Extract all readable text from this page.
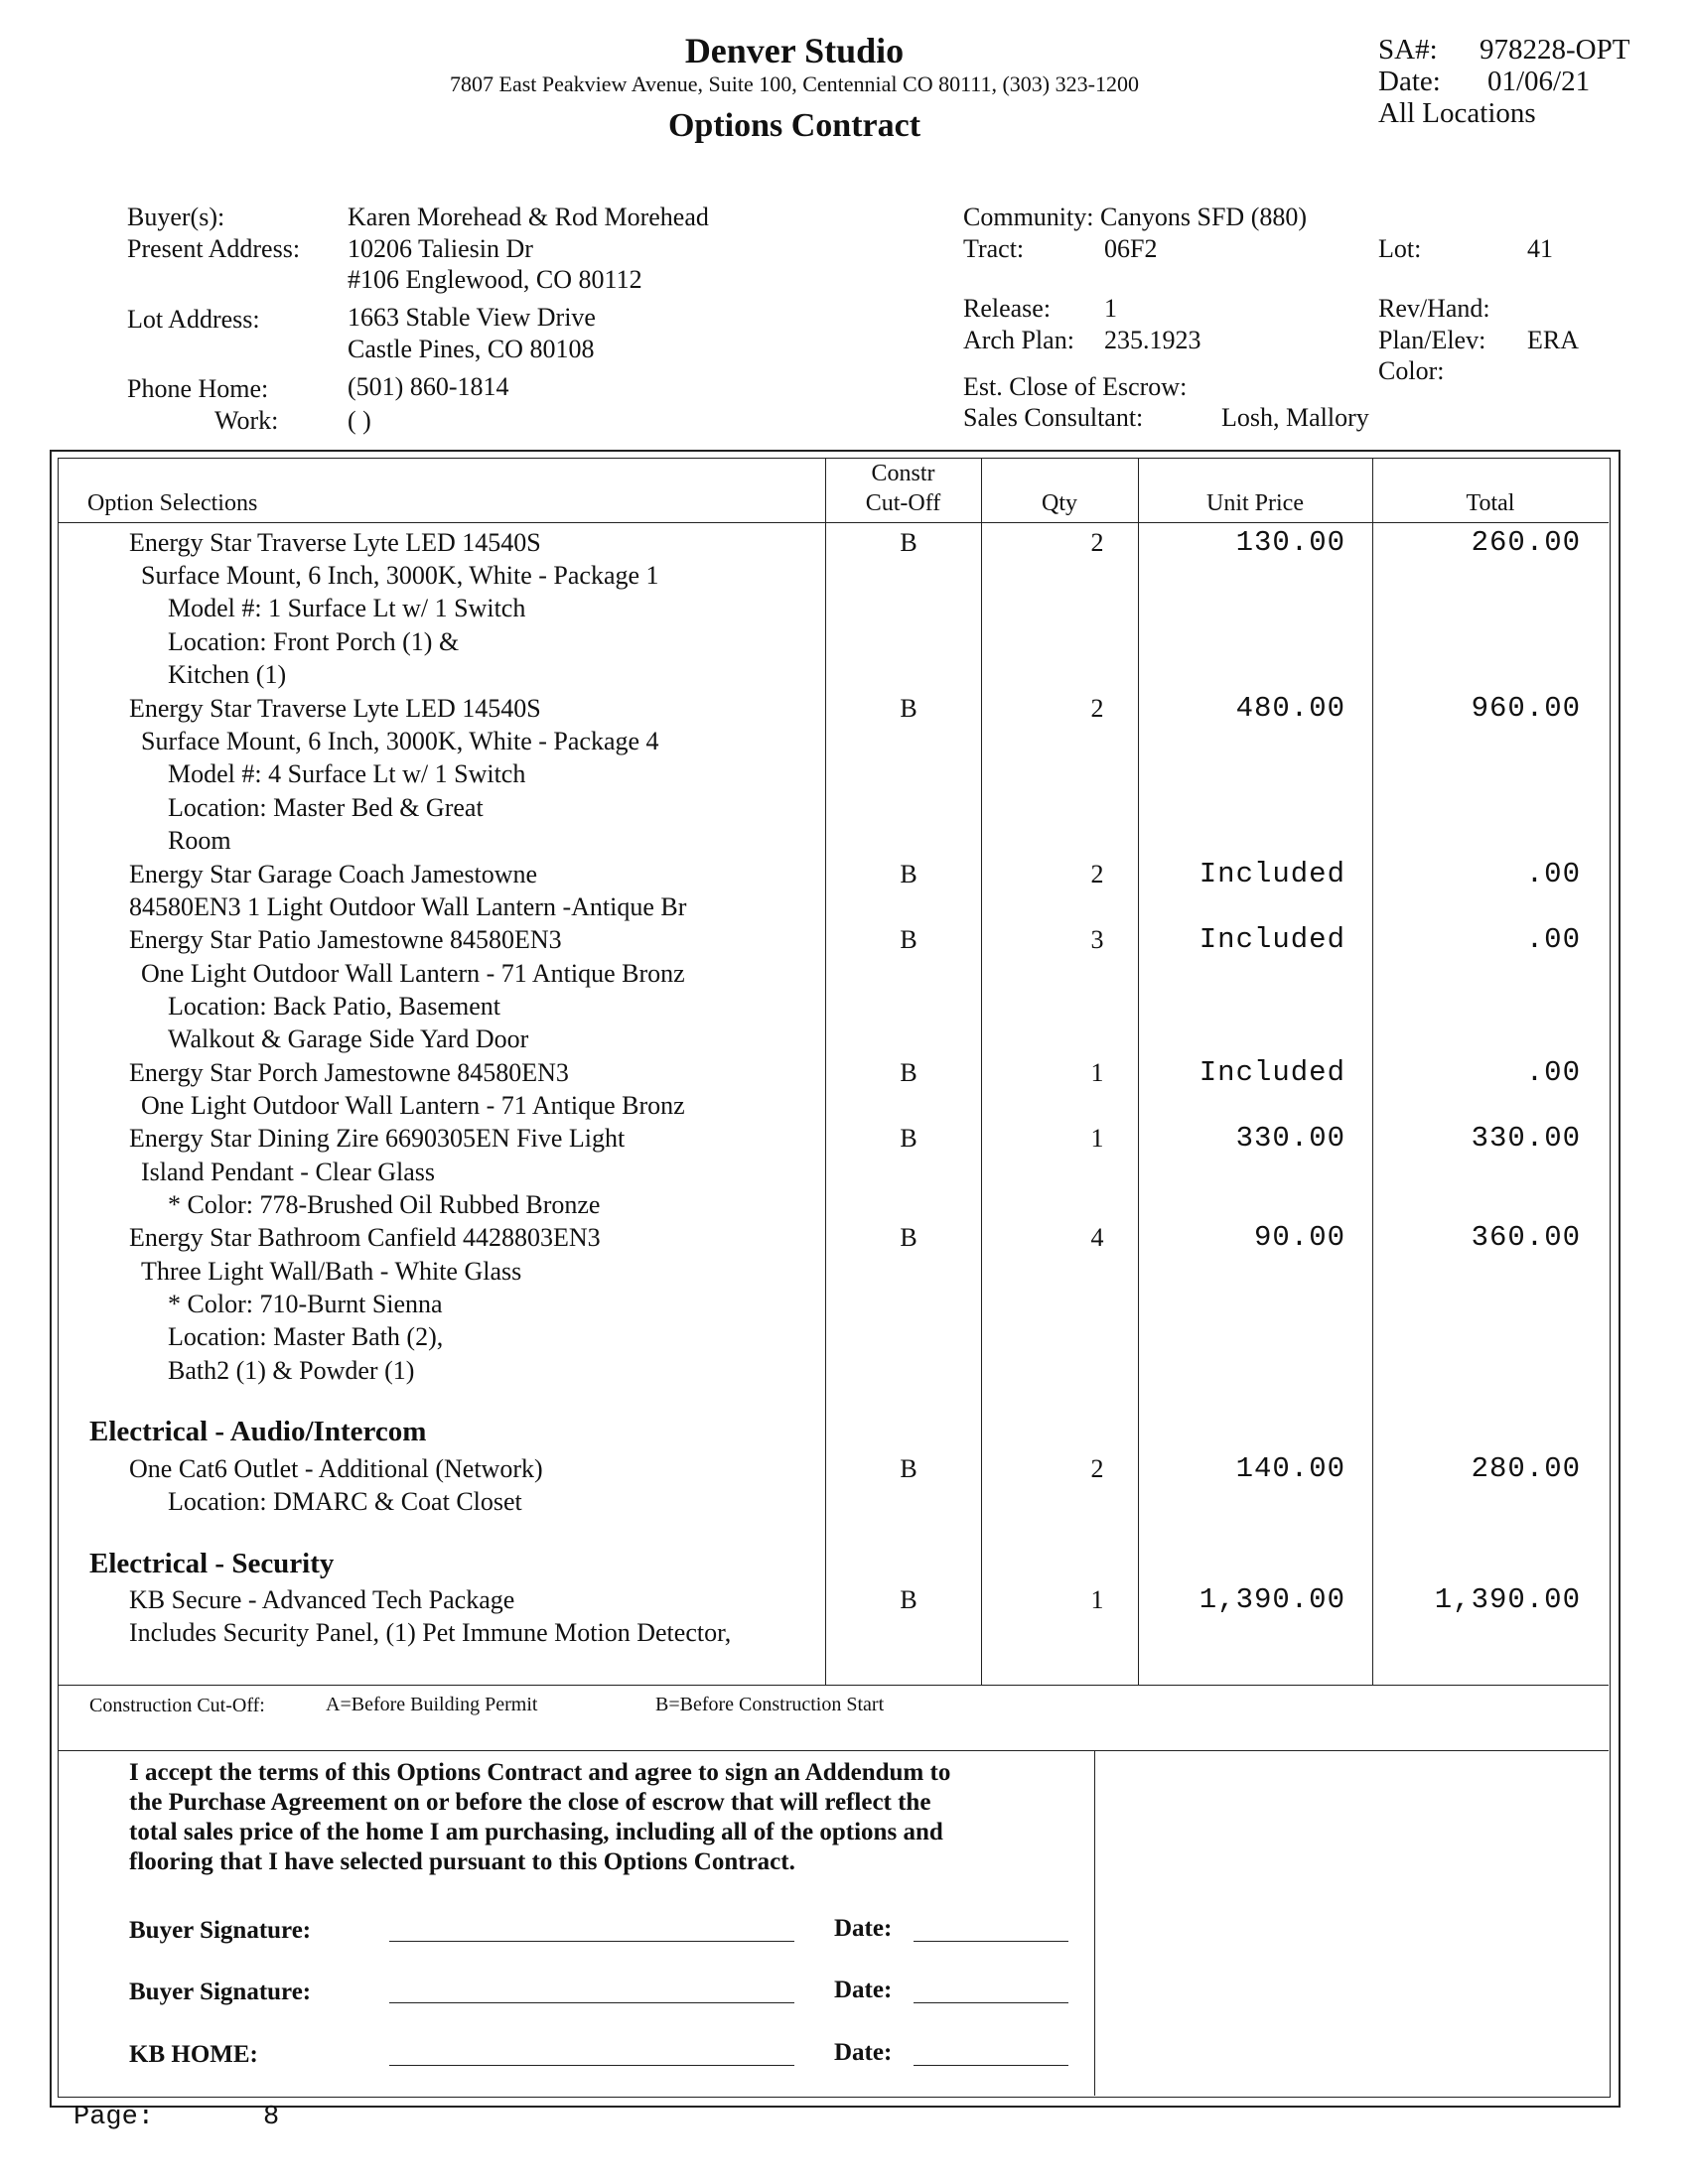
Denver Studio
7807 East Peakview Avenue, Suite 100, Centennial CO 80111, (303) 323-1200
Options Contract
SA#: 978228-OPT
Date: 01/06/21
All Locations
Buyer(s):	Karen Morehead & Rod Morehead
Present Address: 10206 Taliesin Dr
#106 Englewood, CO 80112
Lot Address:	1663 Stable View Drive
Castle Pines, CO 80108
Phone Home:	(501) 860-1814
Work:	( )
Community: Canyons SFD (880)
Tract:	06F2	Lot:	41
Release: 1
Arch Plan: 235.1923
Rev/Hand:
Plan/Elev: ERA
Color:
Est. Close of Escrow:
Sales Consultant:	Losh, Mallory
Option Selections
Constr
Cut-Off	Qty	Unit Price	Total
Energy Star Traverse Lyte LED 14540S
Surface Mount, 6 Inch, 3000K, White - Package 1
Model #: 1 Surface Lt w/ 1 Switch
Location: Front Porch (1) &
Kitchen (1)
B	2	130.00	260.00
Energy Star Traverse Lyte LED 14540S
Surface Mount, 6 Inch, 3000K, White - Package 4
Model #: 4 Surface Lt w/ 1 Switch
Location: Master Bed & Great
Room
B	2	480.00	960.00
Energy Star Garage Coach Jamestowne
84580EN3 1 Light Outdoor Wall Lantern -Antique Br
B	2	Included	.00
Energy Star Patio Jamestowne 84580EN3
One Light Outdoor Wall Lantern - 71 Antique Bronz
Location: Back Patio, Basement
Walkout & Garage Side Yard Door
B	3	Included	.00
Energy Star Porch Jamestowne 84580EN3
One Light Outdoor Wall Lantern - 71 Antique Bronz
B	1	Included	.00
Energy Star Dining Zire 6690305EN Five Light
Island Pendant - Clear Glass
* Color: 778-Brushed Oil Rubbed Bronze
B	1	330.00	330.00
Energy Star Bathroom Canfield 4428803EN3
Three Light Wall/Bath - White Glass
* Color: 710-Burnt Sienna
Location: Master Bath (2),
Bath2 (1) & Powder (1)
B	4	90.00	360.00
Electrical - Audio/Intercom
One Cat6 Outlet - Additional (Network)
Location: DMARC & Coat Closet
B	2	140.00	280.00
Electrical - Security
KB Secure - Advanced Tech Package
Includes Security Panel, (1) Pet Immune Motion Detector,
B	1	1,390.00	1,390.00
Construction Cut-Off:	A=Before Building Permit	B=Before Construction Start
I accept the terms of this Options Contract and agree to sign an Addendum to
the Purchase Agreement on or before the close of escrow that will reflect the
total sales price of the home I am purchasing, including all of the options and
flooring that I have selected pursuant to this Options Contract.
Buyer Signature:	Date:
Buyer Signature:	Date:
KB HOME:	Date:
Page:	8
